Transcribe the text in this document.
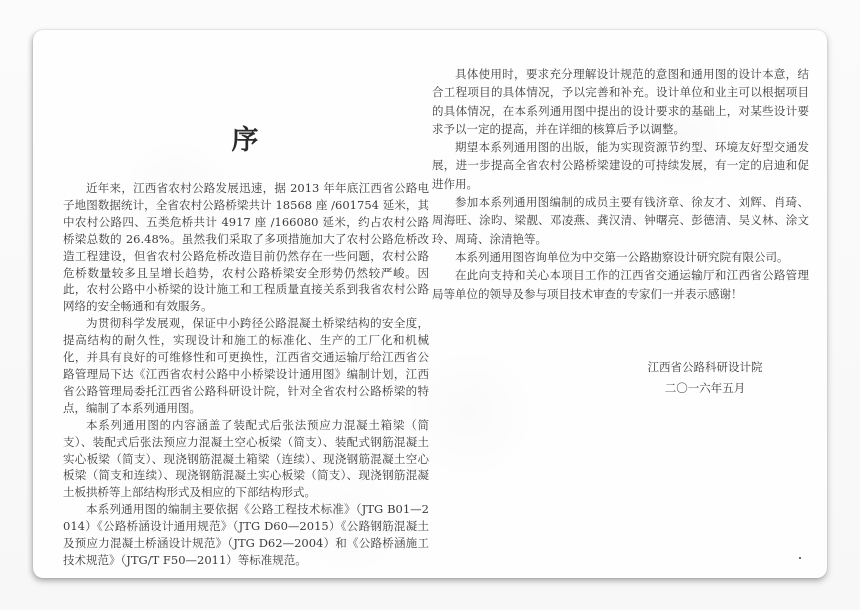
序

近年来，江西省农村公路发展迅速，据 2013 年年底江西省公路电子地图数据统计，全省农村公路桥梁共计 18568 座 /601754 延米，其中农村公路四、五类危桥共计 4917 座 /166080 延米，约占农村公路桥梁总数的 26.48%。虽然我们采取了多项措施加大了农村公路危桥改造工程建设，但省农村公路危桥改造目前仍然存在一些问题，农村公路危桥数量较多且呈增长趋势，农村公路桥梁安全形势仍然较严峻。因此，农村公路中小桥梁的设计施工和工程质量直接关系到我省农村公路网络的安全畅通和有效服务。

为贯彻科学发展观，保证中小跨径公路混凝土桥梁结构的安全度，提高结构的耐久性，实现设计和施工的标准化、生产的工厂化和机械化，并具有良好的可维修性和可更换性，江西省交通运输厅给江西省公路管理局下达《江西省农村公路中小桥梁设计通用图》编制计划，江西省公路管理局委托江西省公路科研设计院，针对全省农村公路桥梁的特点，编制了本系列通用图。

本系列通用图的内容涵盖了装配式后张法预应力混凝土箱梁（简支）、装配式后张法预应力混凝土空心板梁（简支）、装配式钢筋混凝土实心板梁（简支）、现浇钢筋混凝土箱梁（连续）、现浇钢筋混凝土空心板梁（简支和连续）、现浇钢筋混凝土实心板梁（简支）、现浇钢筋混凝土板拱桥等上部结构形式及相应的下部结构形式。

本系列通用图的编制主要依据《公路工程技术标准》（JTG B01—2014）《公路桥涵设计通用规范》（JTG D60—2015）《公路钢筋混凝土及预应力混凝土桥涵设计规范》（JTG D62—2004）和《公路桥涵施工技术规范》（JTG/T F50—2011）等标准规范。

具体使用时，要求充分理解设计规范的意图和通用图的设计本意，结合工程项目的具体情况，予以完善和补充。设计单位和业主可以根据项目的具体情况，在本系列通用图中提出的设计要求的基础上，对某些设计要求予以一定的提高，并在详细的核算后予以调整。

期望本系列通用图的出版，能为实现资源节约型、环境友好型交通发展，进一步提高全省农村公路桥梁建设的可持续发展，有一定的启迪和促进作用。

参加本系列通用图编制的成员主要有钱济章、徐友才、刘辉、肖琦、周海旺、涂昀、梁靓、邓凌燕、龚汉清、钟曙亮、彭德清、吴义林、涂文玲、周琦、涂清艳等。

本系列通用图咨询单位为中交第一公路勘察设计研究院有限公司。

在此向支持和关心本项目工作的江西省交通运输厅和江西省公路管理局等单位的领导及参与项目技术审查的专家们一并表示感谢！

江西省公路科研设计院
二〇一六年五月
